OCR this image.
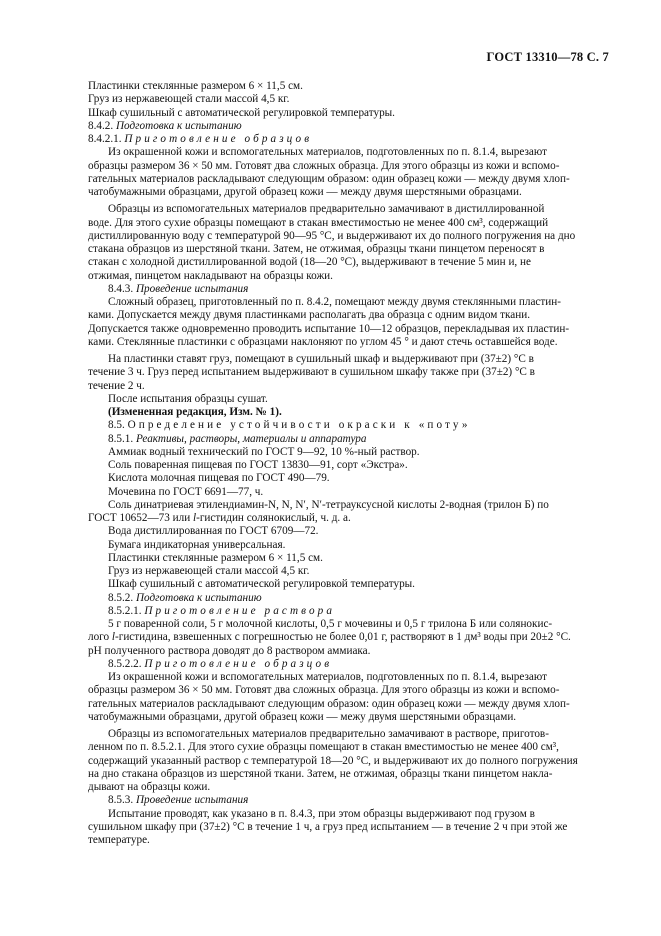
ГОСТ 13310—78 С. 7

Пластинки стеклянные размером 6 × 11,5 см.

Груз из нержавеющей стали массой 4,5 кг.

Шкаф сушильный с автоматической регулировкой температуры.

8.4.2. Подготовка к испытанию

8.4.2.1. Приготовление образцов

Из окрашенной кожи и вспомогательных материалов, подготовленных по п. 8.1.4, вырезают

образцы размером 36 × 50 мм. Готовят два сложных образца. Для этого образцы из кожи и вспомо-

гательных материалов раскладывают следующим образом: один образец кожи — между двумя хлоп-

чатобумажными образцами, другой образец кожи — между двумя шерстяными образцами.

Образцы из вспомогательных материалов предварительно замачивают в дистиллированной

воде. Для этого сухие образцы помещают в стакан вместимостью не менее 400 см³, содержащий

дистиллированную воду с температурой 90—95 °С, и выдерживают их до полного погружения на дно

стакана образцов из шерстяной ткани. Затем, не отжимая, образцы ткани пинцетом переносят в

стакан с холодной дистиллированной водой (18—20 °С), выдерживают в течение 5 мин и, не

отжимая, пинцетом накладывают на образцы кожи.

8.4.3. Проведение испытания

Сложный образец, приготовленный по п. 8.4.2, помещают между двумя стеклянными пластин-

ками. Допускается между двумя пластинками располагать два образца с одним видом ткани.

Допускается также одновременно проводить испытание 10—12 образцов, перекладывая их пластин-

ками. Стеклянные пластинки с образцами наклоняют по углом 45 ° и дают стечь оставшейся воде.

На пластинки ставят груз, помещают в сушильный шкаф и выдерживают при (37±2) °С в

течение 3 ч. Груз перед испытанием выдерживают в сушильном шкафу также при (37±2) °С в

течение 2 ч.

После испытания образцы сушат.

(Измененная редакция, Изм. № 1).

8.5. Определение устойчивости окраски к «поту»

8.5.1. Реактивы, растворы, материалы и аппаратура

Аммиак водный технический по ГОСТ 9—92, 10 %-ный раствор.

Соль поваренная пищевая по ГОСТ 13830—91, сорт «Экстра».

Кислота молочная пищевая по ГОСТ 490—79.

Мочевина по ГОСТ 6691—77, ч.

Соль динатриевая этилендиамин-N, N, N′, N′-тетрауксусной кислоты 2-водная (трилон Б) по

ГОСТ 10652—73 или l-гистидин солянокислый, ч. д. а.

Вода дистиллированная по ГОСТ 6709—72.

Бумага индикаторная универсальная.

Пластинки стеклянные размером 6 × 11,5 см.

Груз из нержавеющей стали массой 4,5 кг.

Шкаф сушильный с автоматической регулировкой температуры.

8.5.2. Подготовка к испытанию

8.5.2.1. Приготовление раствора

5 г поваренной соли, 5 г молочной кислоты, 0,5 г мочевины и 0,5 г трилона Б или солянокис-

лого l-гистидина, взвешенных с погрешностью не более 0,01 г, растворяют в 1 дм³ воды при 20±2 °С.

pH полученного раствора доводят до 8 раствором аммиака.

8.5.2.2. Приготовление образцов

Из окрашенной кожи и вспомогательных материалов, подготовленных по п. 8.1.4, вырезают

образцы размером 36 × 50 мм. Готовят два сложных образца. Для этого образцы из кожи и вспомо-

гательных материалов раскладывают следующим образом: один образец кожи — между двумя хлоп-

чатобумажными образцами, другой образец кожи — межу двумя шерстяными образцами.

Образцы из вспомогательных материалов предварительно замачивают в растворе, приготов-

ленном по п. 8.5.2.1. Для этого сухие образцы помещают в стакан вместимостью не менее 400 см³,

содержащий указанный раствор с температурой 18—20 °С, и выдерживают их до полного погружения

на дно стакана образцов из шерстяной ткани. Затем, не отжимая, образцы ткани пинцетом накла-

дывают на образцы кожи.

8.5.3. Проведение испытания

Испытание проводят, как указано в п. 8.4.3, при этом образцы выдерживают под грузом в

сушильном шкафу при (37±2) °С в течение 1 ч, а груз пред испытанием — в течение 2 ч при этой же

температуре.
